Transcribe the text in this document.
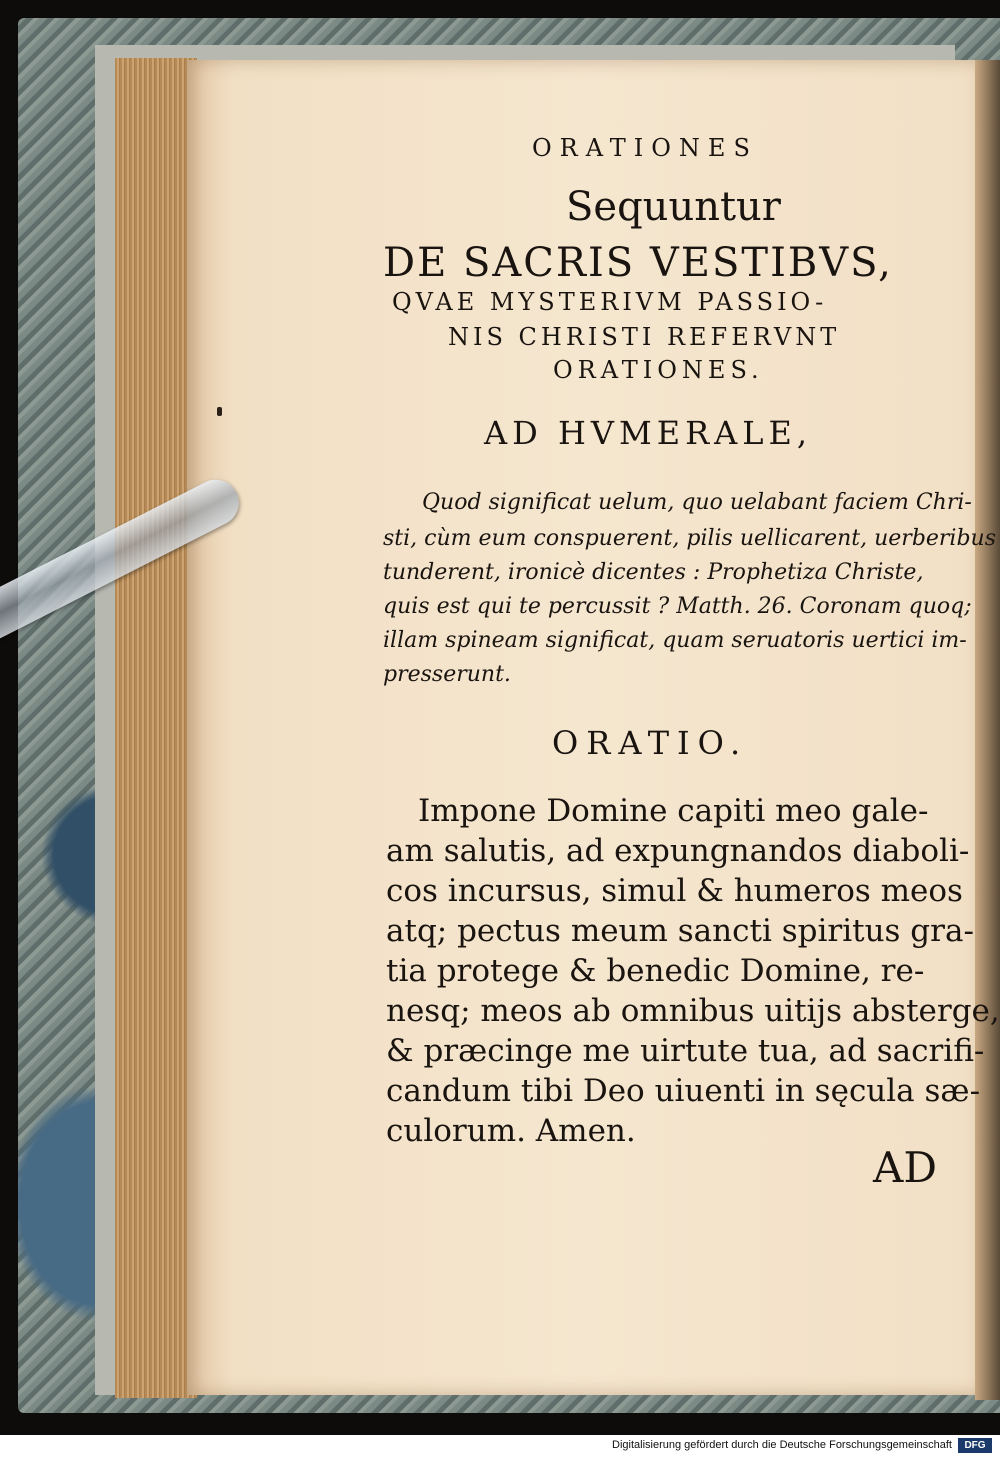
ORATIONES
Sequuntur
DE SACRIS VESTIBVS,
QVAE MYSTERIVM PASSIO-
NIS CHRISTI REFERVNT
ORATIONES.
AD HVMERALE,
Quod significat uelum, quo uelabant faciem Chri-
sti, cùm eum conspuerent, pilis uellicarent, uerberibus
tunderent, ironicè dicentes : Prophetiza Christe,
quis est qui te percussit ? Matth. 26. Coronam quoq;
illam spineam significat, quam seruatoris uertici im-
presserunt.
ORATIO.
Impone Domine capiti meo gale-
am salutis, ad expungnandos diaboli-
cos incursus, simul & humeros meos
atq; pectus meum sancti spiritus gra-
tia protege & benedic Domine, re-
nesq; meos ab omnibus uitijs absterge,
& præcinge me uirtute tua, ad sacrifi-
candum tibi Deo uiuenti in sęcula sæ-
culorum. Amen.
AD
Digitalisierung gefördert durch die Deutsche Forschungsgemeinschaft	DFG
